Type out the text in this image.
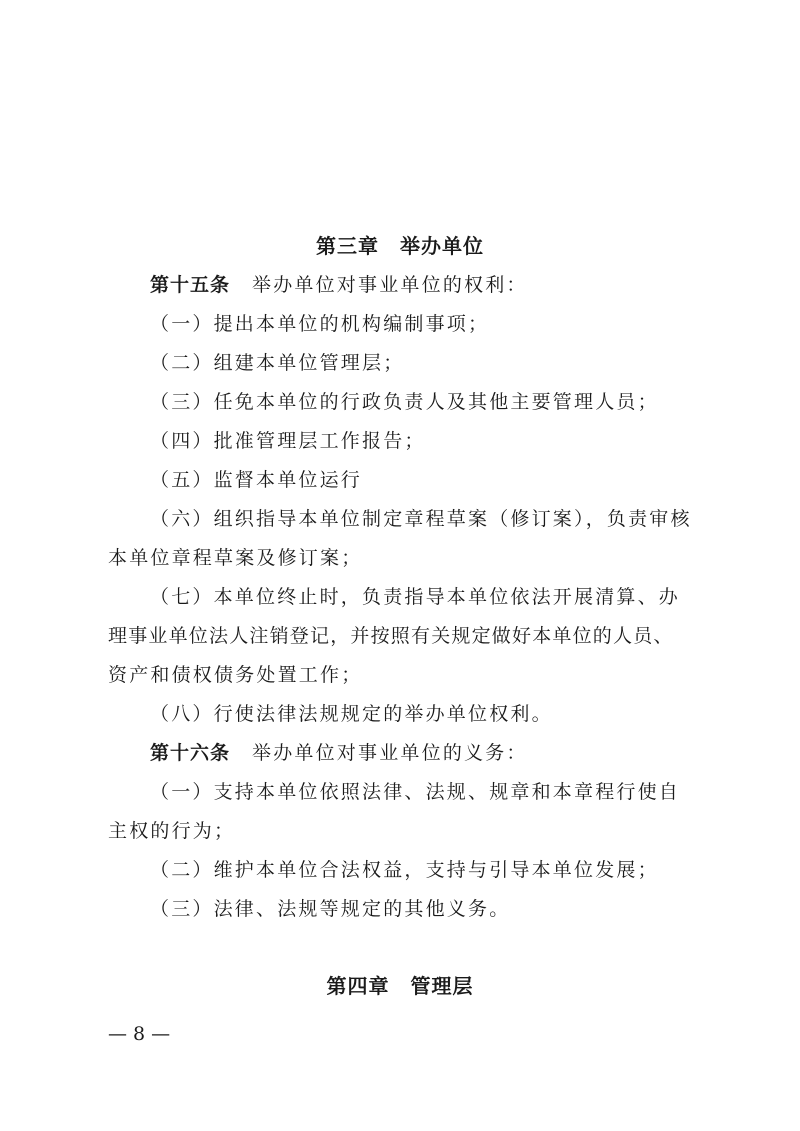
第三章　举办单位
第十五条 举办单位对事业单位的权利：
（一）提出本单位的机构编制事项；
（二）组建本单位管理层；
（三）任免本单位的行政负责人及其他主要管理人员；
（四）批准管理层工作报告；
（五）监督本单位运行
（六）组织指导本单位制定章程草案（修订案），负责审核
本单位章程草案及修订案；
（七）本单位终止时，负责指导本单位依法开展清算、办
理事业单位法人注销登记，并按照有关规定做好本单位的人员、
资产和债权债务处置工作；
（八）行使法律法规规定的举办单位权利。
第十六条 举办单位对事业单位的义务：
（一）支持本单位依照法律、法规、规章和本章程行使自
主权的行为；
（二）维护本单位合法权益，支持与引导本单位发展；
（三）法律、法规等规定的其他义务。
第四章　管理层
— 8 —
